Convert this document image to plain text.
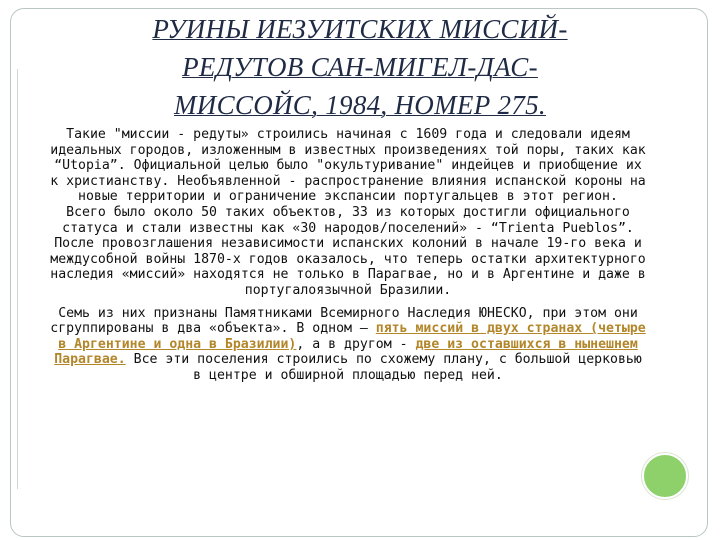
РУИНЫ ИЕЗУИТСКИХ МИССИЙ-
РЕДУТОВ САН-МИГЕЛ-ДАС-
МИССОЙС, 1984, НОМЕР 275.

Такие "миссии - редуты» строились начиная с 1609 года и следовали идеям идеальных городов, изложенным в известных произведениях той поры, таких как “Utopia”. Официальной целью было "окультуривание" индейцев и приобщение их к христианству. Необъявленной - распространение влияния испанской короны на новые территории и ограничение экспансии португальцев в этот регион.

Всего было около 50 таких объектов, 33 из которых достигли официального статуса и стали известны как «30 народов/поселений» - “Trienta Pueblos”. После провозглашения независимости испанских колоний в начале 19-го века и междусобной войны 1870-х годов оказалось, что теперь остатки архитектурного наследия «миссий» находятся не только в Парагвае, но и в Аргентине и даже в португалоязычной Бразилии.

Семь из них признаны Памятниками Всемирного Наследия ЮНЕСКО, при этом они сгруппированы в два «объекта». В одном – пять миссий в двух странах (четыре в Аргентине и одна в Бразилии), а в другом - две из оставшихся в нынешнем Парагвае. Все эти поселения строились по схожему плану, с большой церковью в центре и обширной площадью перед ней.
